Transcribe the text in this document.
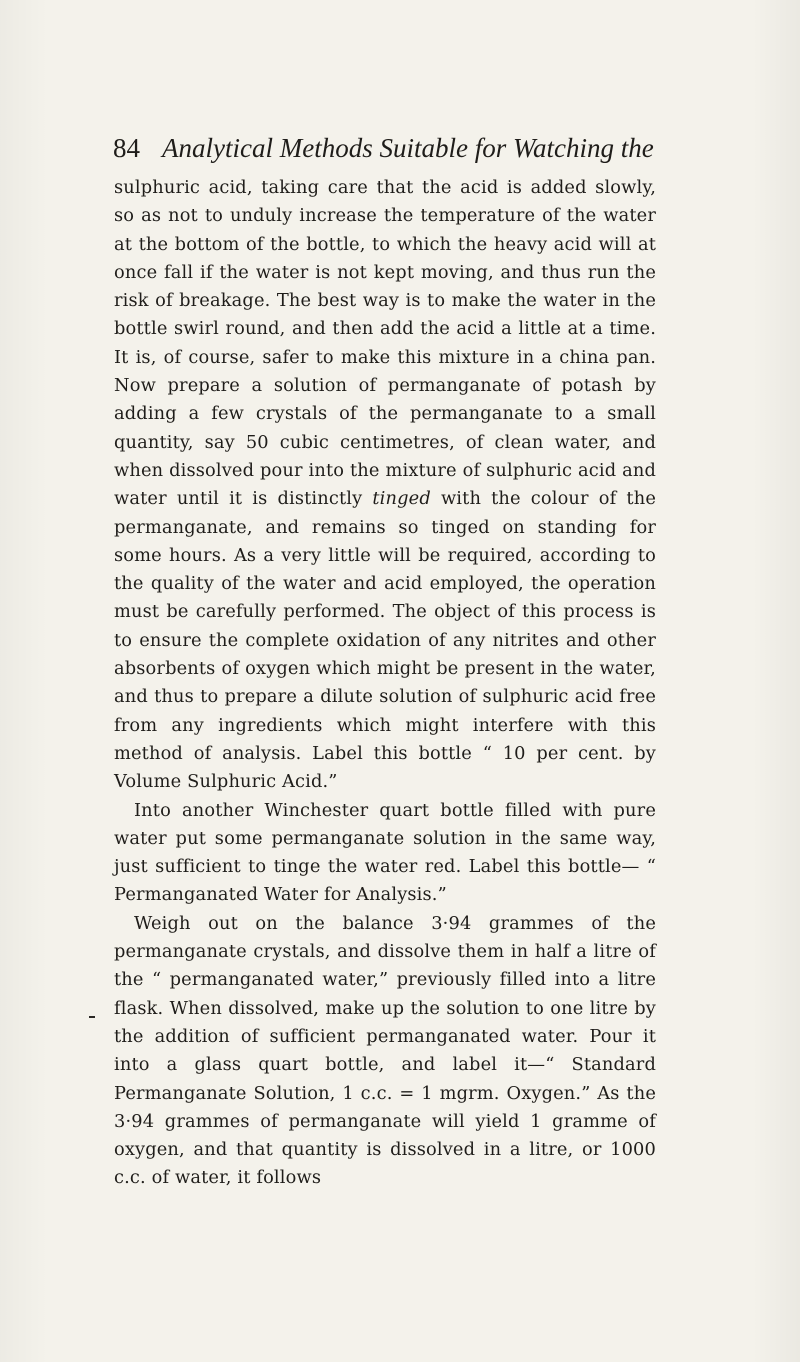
84 Analytical Methods Suitable for Watching the

sulphuric acid, taking care that the acid is added slowly, so as not to unduly increase the temperature of the water at the bottom of the bottle, to which the heavy acid will at once fall if the water is not kept moving, and thus run the risk of breakage. The best way is to make the water in the bottle swirl round, and then add the acid a little at a time. It is, of course, safer to make this mixture in a china pan. Now prepare a solution of permanganate of potash by adding a few crystals of the permanganate to a small quantity, say 50 cubic centimetres, of clean water, and when dissolved pour into the mixture of sulphuric acid and water until it is distinctly tinged with the colour of the permanganate, and remains so tinged on standing for some hours. As a very little will be required, according to the quality of the water and acid employed, the operation must be carefully performed. The object of this process is to ensure the complete oxidation of any nitrites and other absorbents of oxygen which might be present in the water, and thus to prepare a dilute solution of sulphuric acid free from any ingredients which might interfere with this method of analysis. Label this bottle “ 10 per cent. by Volume Sulphuric Acid.”

Into another Winchester quart bottle filled with pure water put some permanganate solution in the same way, just sufficient to tinge the water red. Label this bottle— “ Permanganated Water for Analysis.”

Weigh out on the balance 3·94 grammes of the permanganate crystals, and dissolve them in half a litre of the “ permanganated water,” previously filled into a litre flask. When dissolved, make up the solution to one litre by the addition of sufficient permanganated water. Pour it into a glass quart bottle, and label it—“ Standard Permanganate Solution, 1 c.c. = 1 mgrm. Oxygen.” As the 3·94 grammes of permanganate will yield 1 gramme of oxygen, and that quantity is dissolved in a litre, or 1000 c.c. of water, it follows
